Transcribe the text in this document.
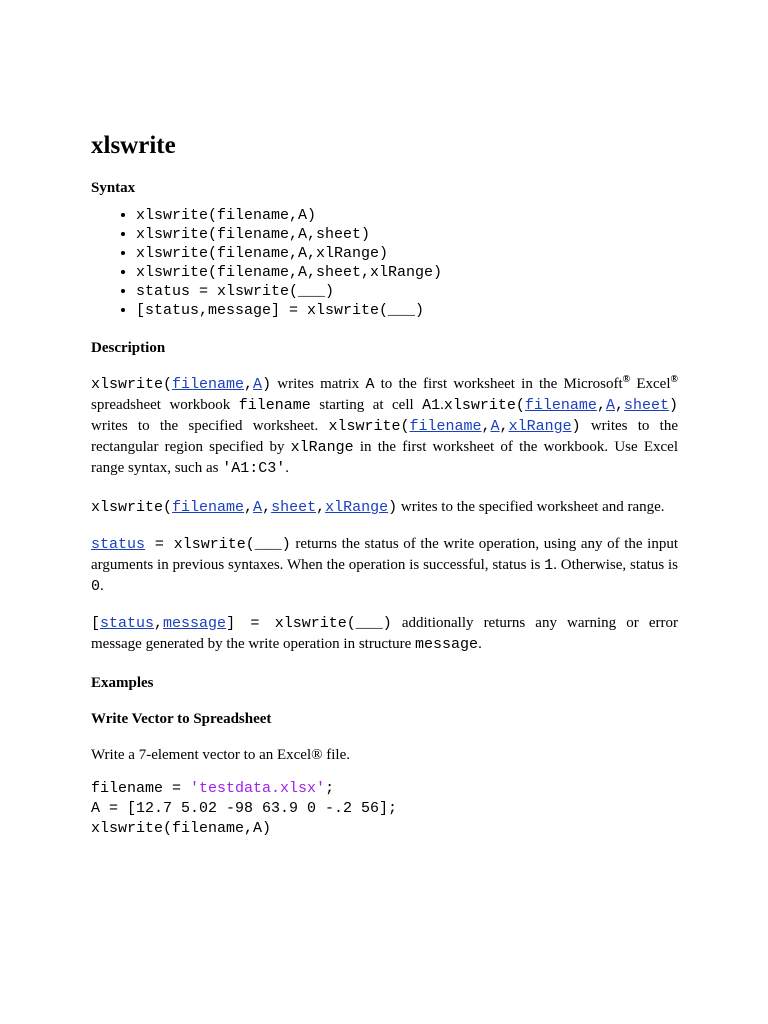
xlswrite
Syntax
• xlswrite(filename,A)
• xlswrite(filename,A,sheet)
• xlswrite(filename,A,xlRange)
• xlswrite(filename,A,sheet,xlRange)
• status = xlswrite(___)
• [status,message] = xlswrite(___)
Description

xlswrite(filename,A) writes matrix A to the first worksheet in the Microsoft® Excel® spreadsheet workbook filename starting at cell A1.xlswrite(filename,A,sheet) writes to the specified worksheet. xlswrite(filename,A,xlRange) writes to the rectangular region specified by xlRange in the first worksheet of the workbook. Use Excel range syntax, such as 'A1:C3'.

xlswrite(filename,A,sheet,xlRange) writes to the specified worksheet and range.

status = xlswrite(___) returns the status of the write operation, using any of the input arguments in previous syntaxes. When the operation is successful, status is 1. Otherwise, status is 0.

[status,message] = xlswrite(___) additionally returns any warning or error message generated by the write operation in structure message.

Examples
Write Vector to Spreadsheet

Write a 7-element vector to an Excel® file.

filename = 'testdata.xlsx';
A = [12.7 5.02 -98 63.9 0 -.2 56];
xlswrite(filename,A)
